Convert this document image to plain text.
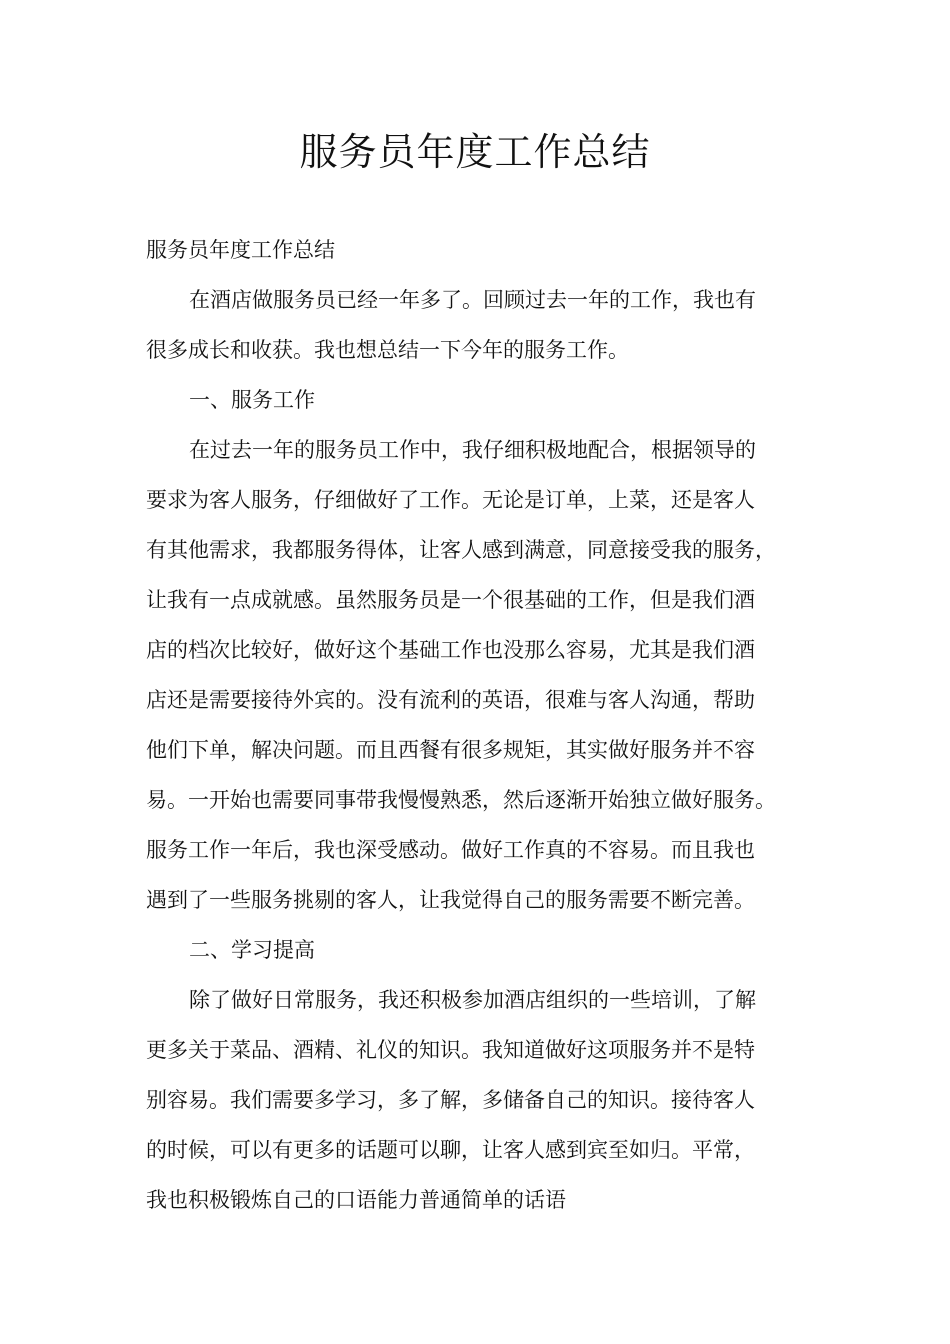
服务员年度工作总结

服务员年度工作总结

在酒店做服务员已经一年多了。回顾过去一年的工作，我也有

很多成长和收获。我也想总结一下今年的服务工作。

一、服务工作

在过去一年的服务员工作中，我仔细积极地配合，根据领导的

要求为客人服务，仔细做好了工作。无论是订单，上菜，还是客人

有其他需求，我都服务得体，让客人感到满意，同意接受我的服务，

让我有一点成就感。虽然服务员是一个很基础的工作，但是我们酒

店的档次比较好，做好这个基础工作也没那么容易，尤其是我们酒

店还是需要接待外宾的。没有流利的英语，很难与客人沟通，帮助

他们下单，解决问题。而且西餐有很多规矩，其实做好服务并不容

易。一开始也需要同事带我慢慢熟悉，然后逐渐开始独立做好服务。

服务工作一年后，我也深受感动。做好工作真的不容易。而且我也

遇到了一些服务挑剔的客人，让我觉得自己的服务需要不断完善。

二、学习提高

除了做好日常服务，我还积极参加酒店组织的一些培训，了解

更多关于菜品、酒精、礼仪的知识。我知道做好这项服务并不是特

别容易。我们需要多学习，多了解，多储备自己的知识。接待客人

的时候，可以有更多的话题可以聊，让客人感到宾至如归。平常，

我也积极锻炼自己的口语能力普通简单的话语
